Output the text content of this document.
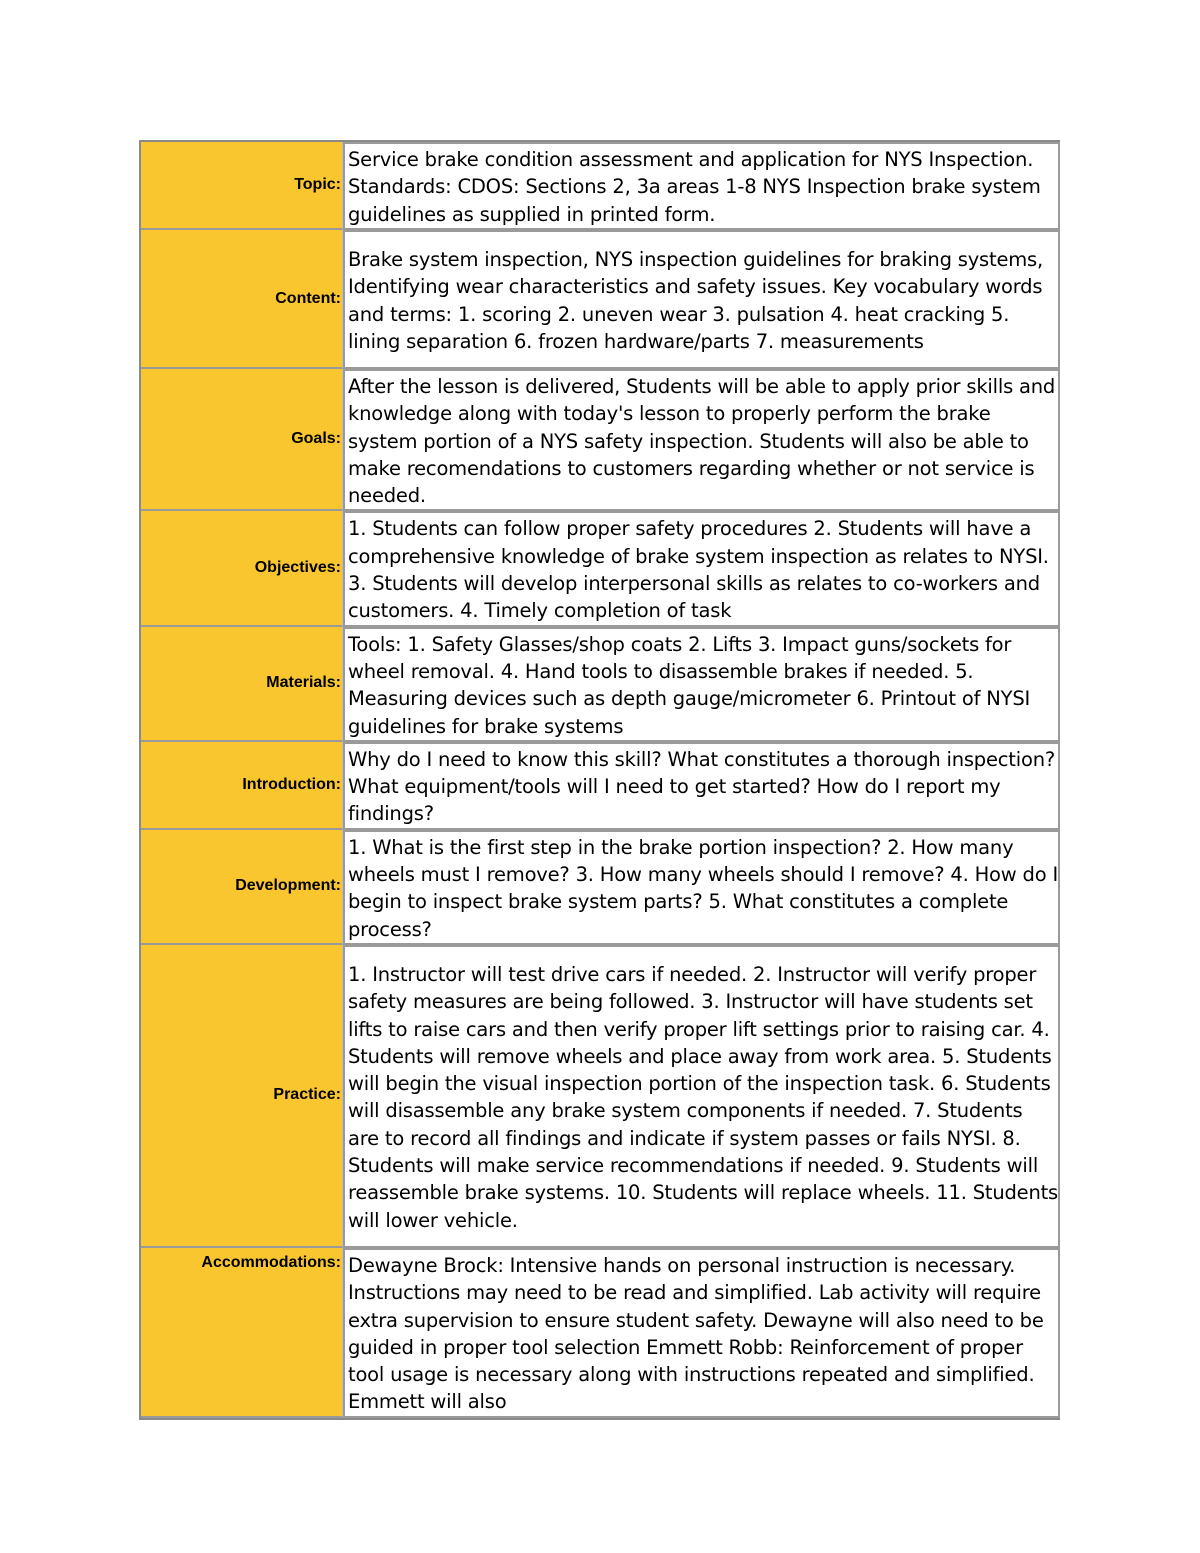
Topic:	Service brake condition assessment and application for NYS Inspection. Standards: CDOS: Sections 2, 3a areas 1-8 NYS Inspection brake system guidelines as supplied in printed form.
Content:	Brake system inspection, NYS inspection guidelines for braking systems, Identifying wear characteristics and safety issues. Key vocabulary words and terms: 1. scoring 2. uneven wear 3. pulsation 4. heat cracking 5. lining separation 6. frozen hardware/parts 7. measurements
Goals:	After the lesson is delivered, Students will be able to apply prior skills and knowledge along with today's lesson to properly perform the brake system portion of a NYS safety inspection. Students will also be able to make recomendations to customers regarding whether or not service is needed.
Objectives:	1. Students can follow proper safety procedures 2. Students will have a comprehensive knowledge of brake system inspection as relates to NYSI. 3. Students will develop interpersonal skills as relates to co-workers and customers. 4. Timely completion of task
Materials:	Tools: 1. Safety Glasses/shop coats 2. Lifts 3. Impact guns/sockets for wheel removal. 4. Hand tools to disassemble brakes if needed. 5. Measuring devices such as depth gauge/micrometer 6. Printout of NYSI guidelines for brake systems
Introduction:	Why do I need to know this skill? What constitutes a thorough inspection? What equipment/tools will I need to get started? How do I report my findings?
Development:	1. What is the first step in the brake portion inspection? 2. How many wheels must I remove? 3. How many wheels should I remove? 4. How do I begin to inspect brake system parts? 5. What constitutes a complete process?
Practice:	1. Instructor will test drive cars if needed. 2. Instructor will verify proper safety measures are being followed. 3. Instructor will have students set lifts to raise cars and then verify proper lift settings prior to raising car. 4. Students will remove wheels and place away from work area. 5. Students will begin the visual inspection portion of the inspection task. 6. Students will disassemble any brake system components if needed. 7. Students are to record all findings and indicate if system passes or fails NYSI. 8. Students will make service recommendations if needed. 9. Students will reassemble brake systems. 10. Students will replace wheels. 11. Students will lower vehicle.
Accommodations:	Dewayne Brock: Intensive hands on personal instruction is necessary. Instructions may need to be read and simplified. Lab activity will require extra supervision to ensure student safety. Dewayne will also need to be guided in proper tool selection Emmett Robb: Reinforcement of proper tool usage is necessary along with instructions repeated and simplified. Emmett will also
